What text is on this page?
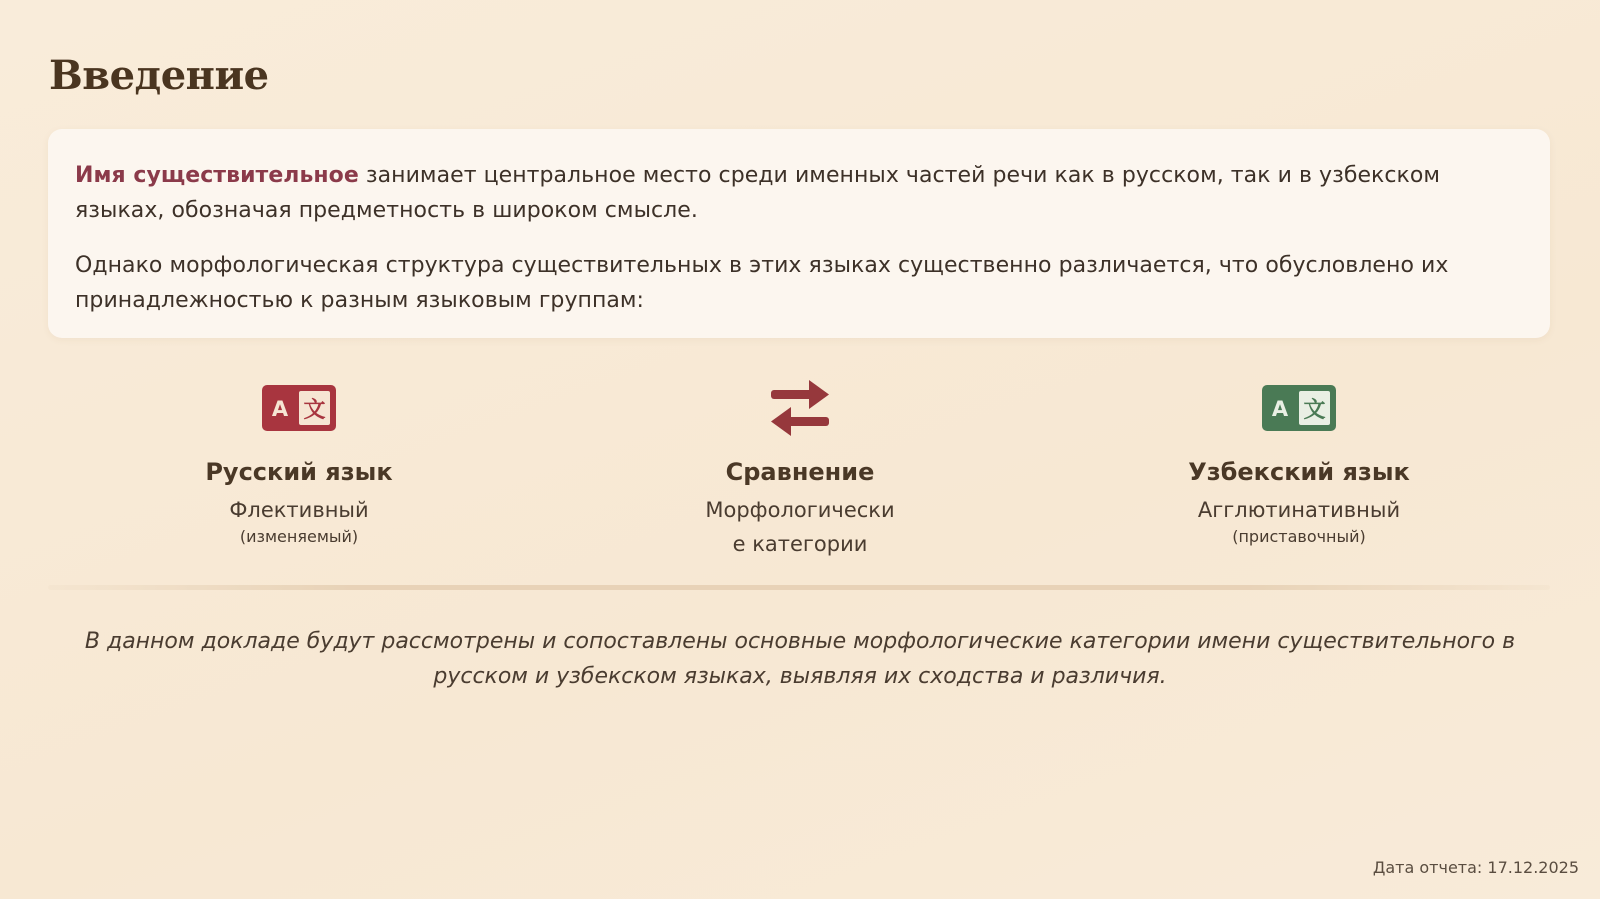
Введение

Имя существительное занимает центральное место среди именных частей речи как в русском, так и в узбекском языках, обозначая предметность в широком смысле.

Однако морфологическая структура существительных в этих языках существенно различается, что обусловлено их принадлежностью к разным языковым группам:

A 文
Русский язык
Флективный
(изменяемый)
Сравнение
Морфологические категории
A 文
Узбекский язык
Агглютинативный
(приставочный)

В данном докладе будут рассмотрены и сопоставлены основные морфологические категории имени существительного в русском и узбекском языках, выявляя их сходства и различия.

Дата отчета: 17.12.2025
